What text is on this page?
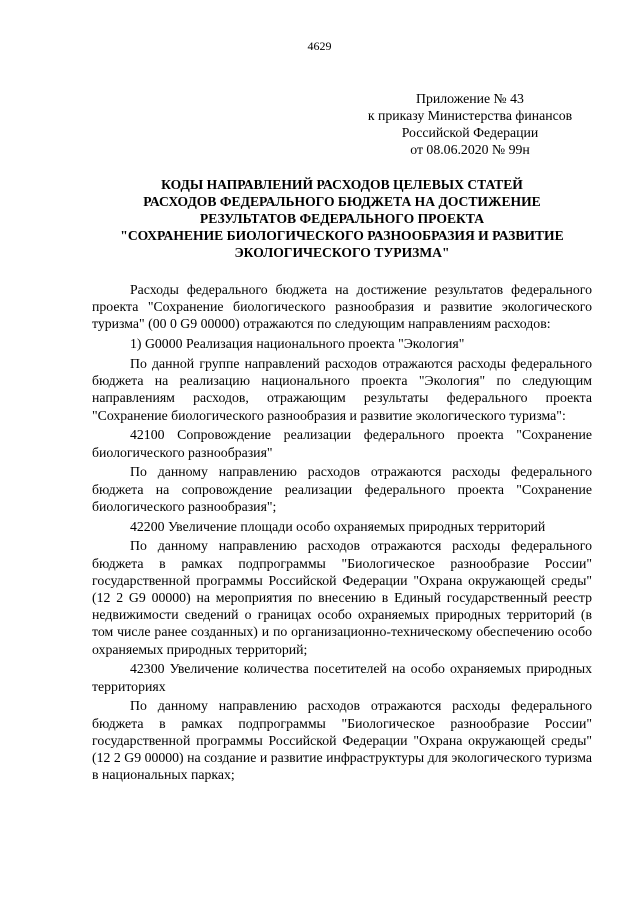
4629
Приложение № 43
к приказу Министерства финансов
Российской Федерации
от 08.06.2020 № 99н
КОДЫ НАПРАВЛЕНИЙ РАСХОДОВ ЦЕЛЕВЫХ СТАТЕЙ
РАСХОДОВ ФЕДЕРАЛЬНОГО БЮДЖЕТА НА ДОСТИЖЕНИЕ
РЕЗУЛЬТАТОВ ФЕДЕРАЛЬНОГО ПРОЕКТА
"СОХРАНЕНИЕ БИОЛОГИЧЕСКОГО РАЗНООБРАЗИЯ И РАЗВИТИЕ
ЭКОЛОГИЧЕСКОГО ТУРИЗМА"

Расходы федерального бюджета на достижение результатов федерального проекта "Сохранение биологического разнообразия и развитие экологического туризма" (00 0 G9 00000) отражаются по следующим направлениям расходов:

1) G0000 Реализация национального проекта "Экология"

По данной группе направлений расходов отражаются расходы федерального бюджета на реализацию национального проекта "Экология" по следующим направлениям расходов, отражающим результаты федерального проекта "Сохранение биологического разнообразия и развитие экологического туризма":

42100 Сопровождение реализации федерального проекта "Сохранение биологического разнообразия"

По данному направлению расходов отражаются расходы федерального бюджета на сопровождение реализации федерального проекта "Сохранение биологического разнообразия";

42200 Увеличение площади особо охраняемых природных территорий

По данному направлению расходов отражаются расходы федерального бюджета в рамках подпрограммы "Биологическое разнообразие России" государственной программы Российской Федерации "Охрана окружающей среды" (12 2 G9 00000) на мероприятия по внесению в Единый государственный реестр недвижимости сведений о границах особо охраняемых природных территорий (в том числе ранее созданных) и по организационно-техническому обеспечению особо охраняемых природных территорий;

42300 Увеличение количества посетителей на особо охраняемых природных территориях

По данному направлению расходов отражаются расходы федерального бюджета в рамках подпрограммы "Биологическое разнообразие России" государственной программы Российской Федерации "Охрана окружающей среды" (12 2 G9 00000) на создание и развитие инфраструктуры для экологического туризма в национальных парках;
